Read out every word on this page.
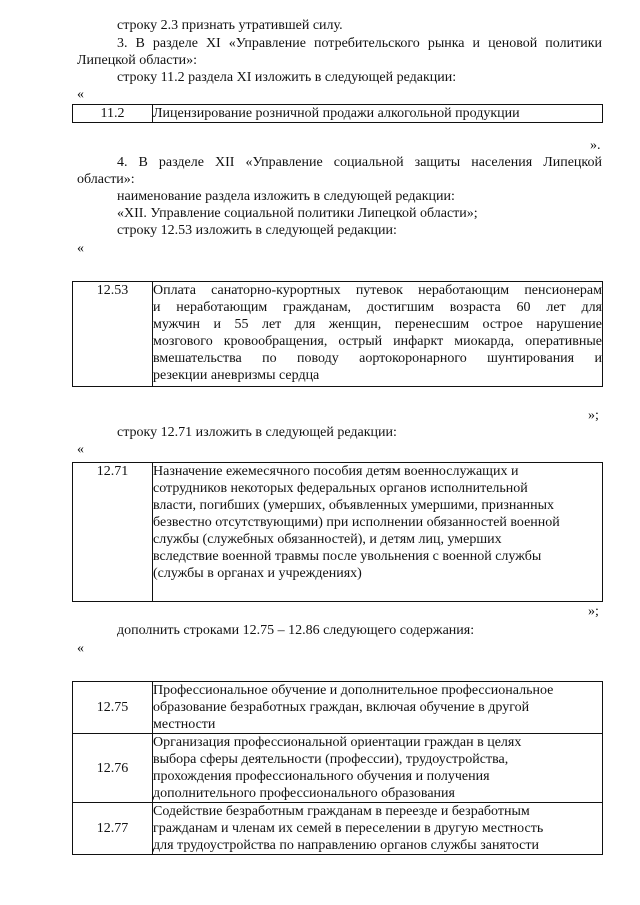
строку 2.3 признать утратившей силу.
3. В разделе XI «Управление потребительского рынка и ценовой политики
Липецкой области»:
строку 11.2 раздела XI изложить в следующей редакции:
«
11.2	Лицензирование розничной продажи алкогольной продукции
».
4. В разделе XII «Управление социальной защиты населения Липецкой
области»:
наименование раздела изложить в следующей редакции:
«XII. Управление социальной политики Липецкой области»;
строку 12.53 изложить в следующей редакции:
«
12.53	Оплата санаторно-курортных путевок неработающим пенсионерам
и неработающим гражданам, достигшим возраста 60 лет для
мужчин и 55 лет для женщин, перенесшим острое нарушение
мозгового кровообращения, острый инфаркт миокарда, оперативные
вмешательства по поводу аортокоронарного шунтирования и
резекции аневризмы сердца
»;
строку 12.71 изложить в следующей редакции:
«
12.71	Назначение ежемесячного пособия детям военнослужащих и
сотрудников некоторых федеральных органов исполнительной
власти, погибших (умерших, объявленных умершими, признанных
безвестно отсутствующими) при исполнении обязанностей военной
службы (служебных обязанностей), и детям лиц, умерших
вследствие военной травмы после увольнения с военной службы
(службы в органах и учреждениях)
»;
дополнить строками 12.75 – 12.86 следующего содержания:
«
12.75	Профессиональное обучение и дополнительное профессиональное
образование безработных граждан, включая обучение в другой
местности

12.76	Организация профессиональной ориентации граждан в целях
выбора сферы деятельности (профессии), трудоустройства,
прохождения профессионального обучения и получения
дополнительного профессионального образования

12.77	Содействие безработным гражданам в переезде и безработным
гражданам и членам их семей в переселении в другую местность
для трудоустройства по направлению органов службы занятости
